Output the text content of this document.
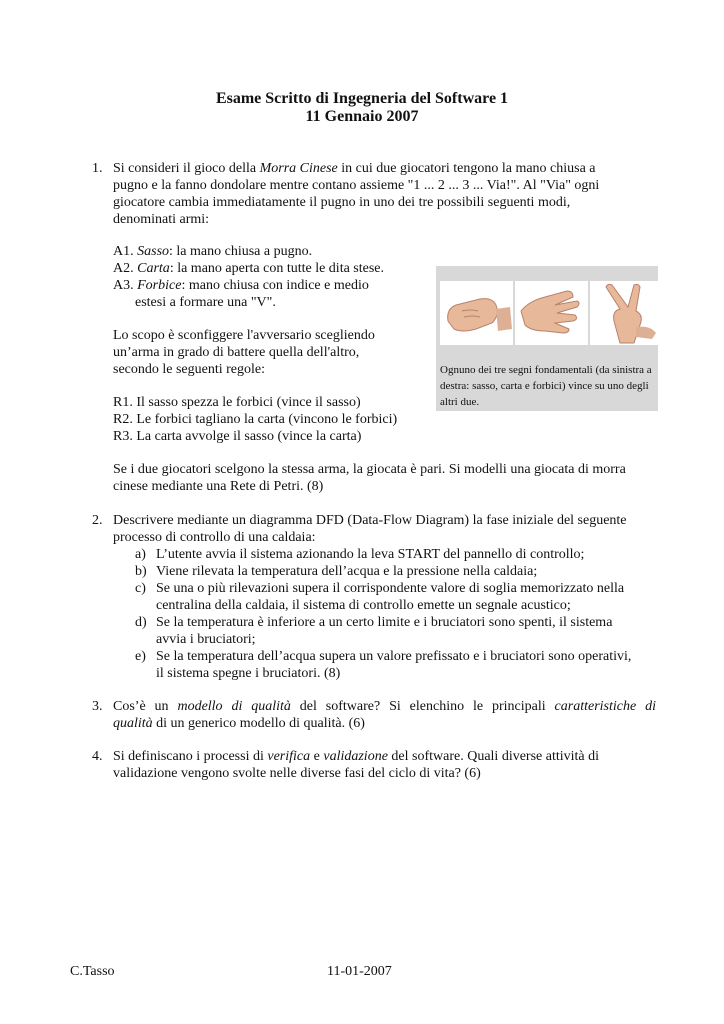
Esame Scritto di Ingegneria del Software 1
11 Gennaio 2007
1. Si consideri il gioco della Morra Cinese in cui due giocatori tengono la mano chiusa a
pugno e la fanno dondolare mentre contano assieme "1 ... 2 ... 3 ... Via!". Al "Via" ogni
giocatore cambia immediatamente il pugno in uno dei tre possibili seguenti modi,
denominati armi:
A1. Sasso: la mano chiusa a pugno.
A2. Carta: la mano aperta con tutte le dita stese.
A3. Forbice: mano chiusa con indice e medio
estesi a formare una "V".
Lo scopo è sconfiggere l'avversario scegliendo
un’arma in grado di battere quella dell'altro,
secondo le seguenti regole:
R1. Il sasso spezza le forbici (vince il sasso)
R2. Le forbici tagliano la carta (vincono le forbici)
R3. La carta avvolge il sasso (vince la carta)
Se i due giocatori scelgono la stessa arma, la giocata è pari. Si modelli una giocata di morra
cinese mediante una Rete di Petri. (8)
Ognuno dei tre segni fondamentali (da sinistra a destra: sasso, carta e forbici) vince su uno degli altri due.
2. Descrivere mediante un diagramma DFD (Data-Flow Diagram) la fase iniziale del seguente
processo di controllo di una caldaia:
a) L’utente avvia il sistema azionando la leva START del pannello di controllo;
b) Viene rilevata la temperatura dell’acqua e la pressione nella caldaia;
c) Se una o più rilevazioni supera il corrispondente valore di soglia memorizzato nella
centralina della caldaia, il sistema di controllo emette un segnale acustico;
d) Se la temperatura è inferiore a un certo limite e i bruciatori sono spenti, il sistema
avvia i bruciatori;
e) Se la temperatura dell’acqua supera un valore prefissato e i bruciatori sono operativi,
il sistema spegne i bruciatori. (8)
3. Cos’è un modello di qualità del software? Si elenchino le principali caratteristiche di
qualità di un generico modello di qualità. (6)
4. Si definiscano i processi di verifica e validazione del software. Quali diverse attività di
validazione vengono svolte nelle diverse fasi del ciclo di vita? (6)
C.Tasso	11-01-2007
